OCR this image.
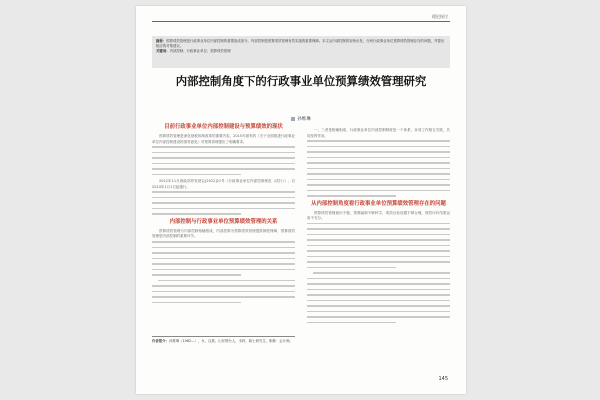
理论探讨
摘要：预算绩效管理是行政事业单位内部控制的重要组成部分，内部控制是预算绩效管理有效实施的重要保障。本文从内部控制的视角出发，分析行政事业单位预算绩效管理存在的问题，并提出相应的对策建议。
关键词：内部控制；行政事业单位；预算绩效管理
内部控制角度下的行政事业单位预算绩效管理研究
孙维琳
目前行政事业单位内部控制建设与预算绩效的现状

预算绩效管理是深化财税体制改革的重要内容，2015年颁布的《关于全面推进行政事业单位内部控制建设的指导意见》对预算管理提出了明确要求。

2012年11月财政部印发财会[2012]21号《行政事业单位内部控制规范（试行）》，自2014年1月1日起施行。

内部控制与行政事业单位预算绩效管理的关系

预算绩效管理与内部控制相辅相成，内部控制为预算绩效管理提供制度保障，预算绩效管理是内部控制的重要环节。

一、三者是相辅相成，行政事业单位内部控制制度是一个体系，各项工作相互关联，共同发挥作用。

从内部控制角度看行政事业单位预算绩效管理存在的问题

预算绩效管理意识不强，预算编制不够科学，绩效目标设置不够合理，绩效评价结果运用不充分。

作者简介：孙维琳（1982—），女，汉族，山东烟台人，本科，硕士研究生，职称：会计师。
145
